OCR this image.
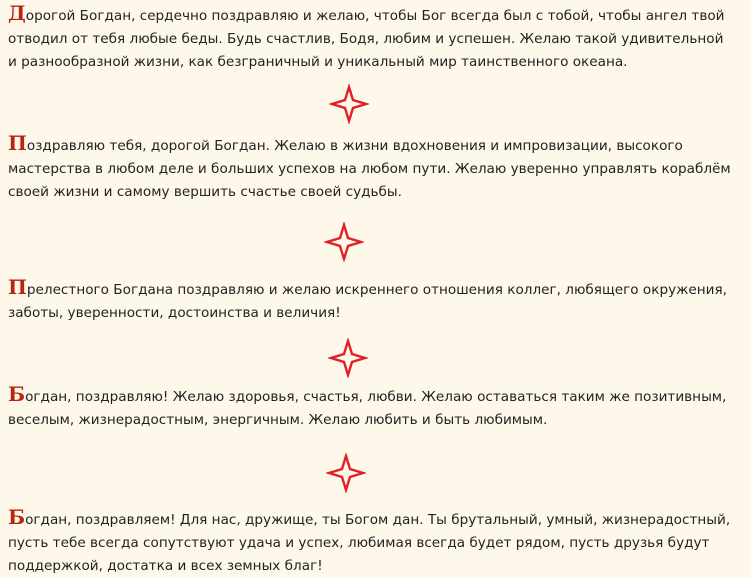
Дорогой Богдан, сердечно поздравляю и желаю, чтобы Бог всегда был с тобой, чтобы ангел твой
отводил от тебя любые беды. Будь счастлив, Бодя, любим и успешен. Желаю такой удивительной
и разнообразной жизни, как безграничный и уникальный мир таинственного океана.

Поздравляю тебя, дорогой Богдан. Желаю в жизни вдохновения и импровизации, высокого
мастерства в любом деле и больших успехов на любом пути. Желаю уверенно управлять кораблём
своей жизни и самому вершить счастье своей судьбы.

Прелестного Богдана поздравляю и желаю искреннего отношения коллег, любящего окружения,
заботы, уверенности, достоинства и величия!

Богдан, поздравляю! Желаю здоровья, счастья, любви. Желаю оставаться таким же позитивным,
веселым, жизнерадостным, энергичным. Желаю любить и быть любимым.

Богдан, поздравляем! Для нас, дружище, ты Богом дан. Ты брутальный, умный, жизнерадостный,
пусть тебе всегда сопутствуют удача и успех, любимая всегда будет рядом, пусть друзья будут
поддержкой, достатка и всех земных благ!
